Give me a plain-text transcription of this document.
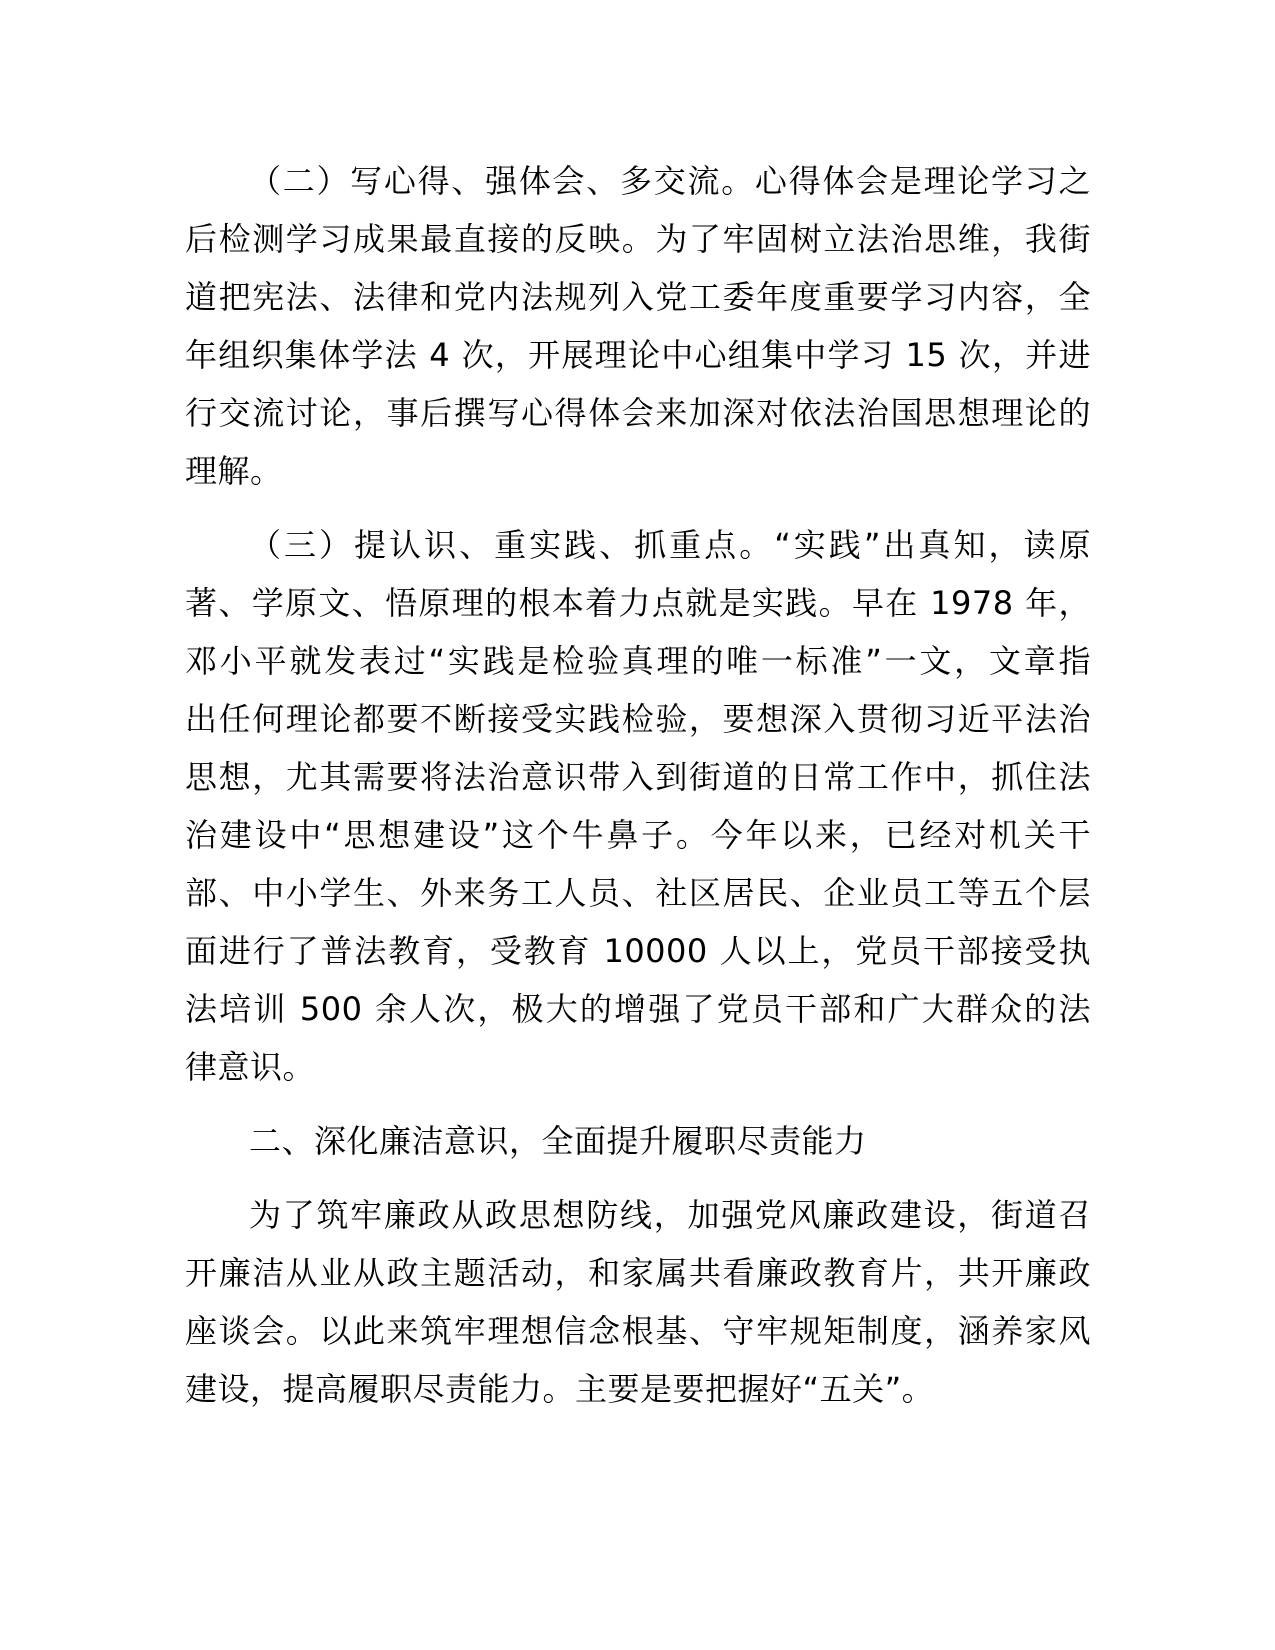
（二）写心得、强体会、多交流。心得体会是理论学习之
后检测学习成果最直接的反映。为了牢固树立法治思维，我街
道把宪法、法律和党内法规列入党工委年度重要学习内容，全
年组织集体学法 4 次，开展理论中心组集中学习 15 次，并进
行交流讨论，事后撰写心得体会来加深对依法治国思想理论的
理解。
（三）提认识、重实践、抓重点。“实践”出真知，读原
著、学原文、悟原理的根本着力点就是实践。早在 1978 年，
邓小平就发表过“实践是检验真理的唯一标准”一文，文章指
出任何理论都要不断接受实践检验，要想深入贯彻习近平法治
思想，尤其需要将法治意识带入到街道的日常工作中，抓住法
治建设中“思想建设”这个牛鼻子。今年以来，已经对机关干
部、中小学生、外来务工人员、社区居民、企业员工等五个层
面进行了普法教育，受教育 10000 人以上，党员干部接受执
法培训 500 余人次，极大的增强了党员干部和广大群众的法
律意识。
二、深化廉洁意识，全面提升履职尽责能力
为了筑牢廉政从政思想防线，加强党风廉政建设，街道召
开廉洁从业从政主题活动，和家属共看廉政教育片，共开廉政
座谈会。以此来筑牢理想信念根基、守牢规矩制度，涵养家风
建设，提高履职尽责能力。主要是要把握好“五关”。
